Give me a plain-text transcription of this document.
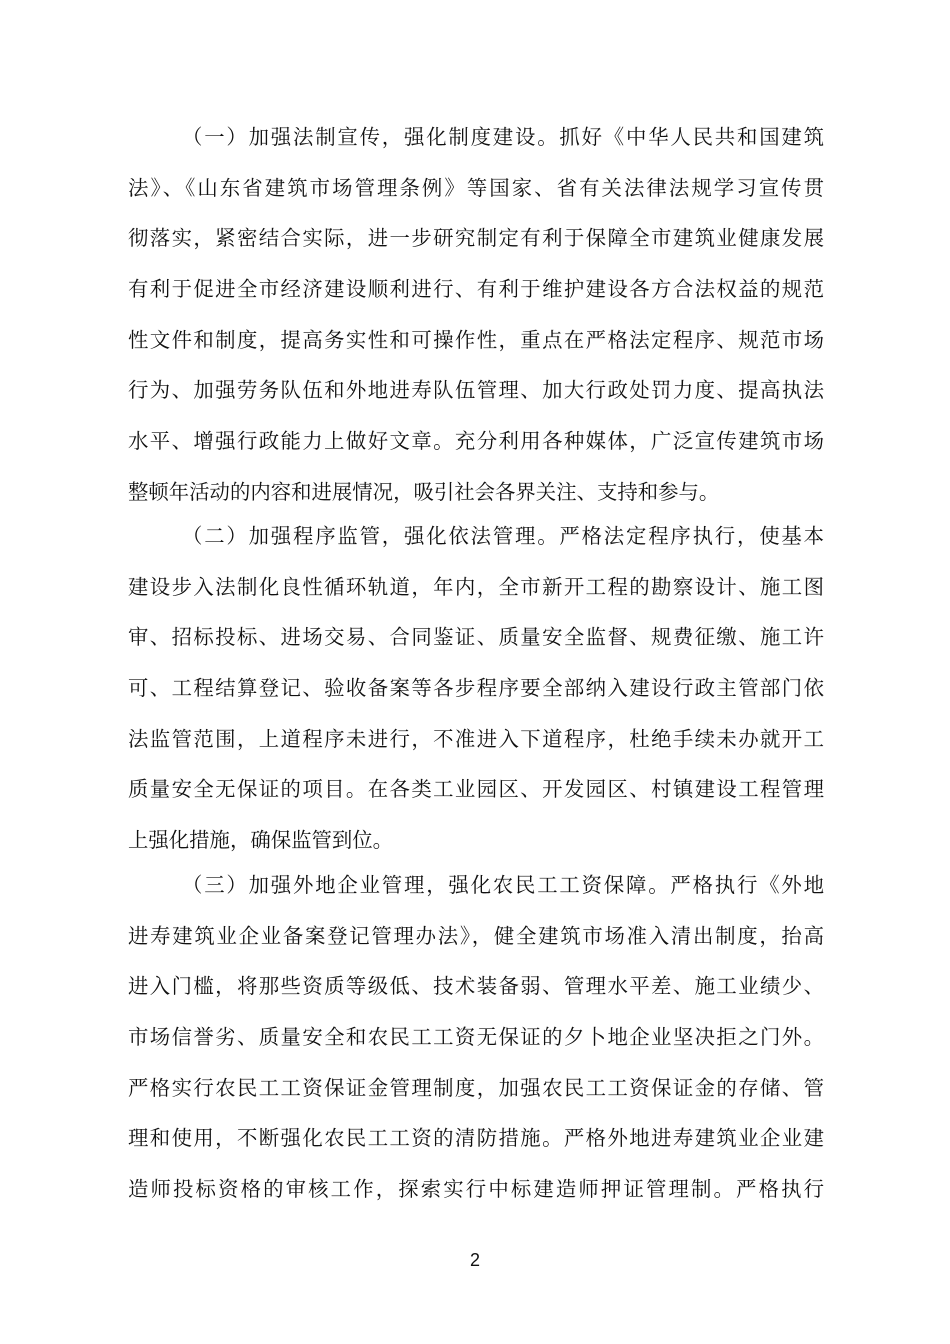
（一）加强法制宣传，强化制度建设。抓好《中华人民共和国建筑
法》、《山东省建筑市场管理条例》等国家、省有关法律法规学习宣传贯
彻落实，紧密结合实际，进一步研究制定有利于保障全市建筑业健康发展
有利于促进全市经济建设顺利进行、有利于维护建设各方合法权益的规范
性文件和制度，提高务实性和可操作性，重点在严格法定程序、规范市场
行为、加强劳务队伍和外地进寿队伍管理、加大行政处罚力度、提高执法
水平、增强行政能力上做好文章。充分利用各种媒体，广泛宣传建筑市场
整顿年活动的内容和进展情况，吸引社会各界关注、支持和参与。
（二）加强程序监管，强化依法管理。严格法定程序执行，使基本
建设步入法制化良性循环轨道，年内，全市新开工程的勘察设计、施工图
审、招标投标、进场交易、合同鉴证、质量安全监督、规费征缴、施工许
可、工程结算登记、验收备案等各步程序要全部纳入建设行政主管部门依
法监管范围，上道程序未进行，不准进入下道程序，杜绝手续未办就开工
质量安全无保证的项目。在各类工业园区、开发园区、村镇建设工程管理
上强化措施，确保监管到位。
（三）加强外地企业管理，强化农民工工资保障。严格执行《外地
进寿建筑业企业备案登记管理办法》，健全建筑市场准入清出制度，抬高
进入门槛，将那些资质等级低、技术装备弱、管理水平差、施工业绩少、
市场信誉劣、质量安全和农民工工资无保证的夕卜地企业坚决拒之门外。
严格实行农民工工资保证金管理制度，加强农民工工资保证金的存储、管
理和使用，不断强化农民工工资的清防措施。严格外地进寿建筑业企业建
造师投标资格的审核工作，探索实行中标建造师押证管理制。严格执行
2
